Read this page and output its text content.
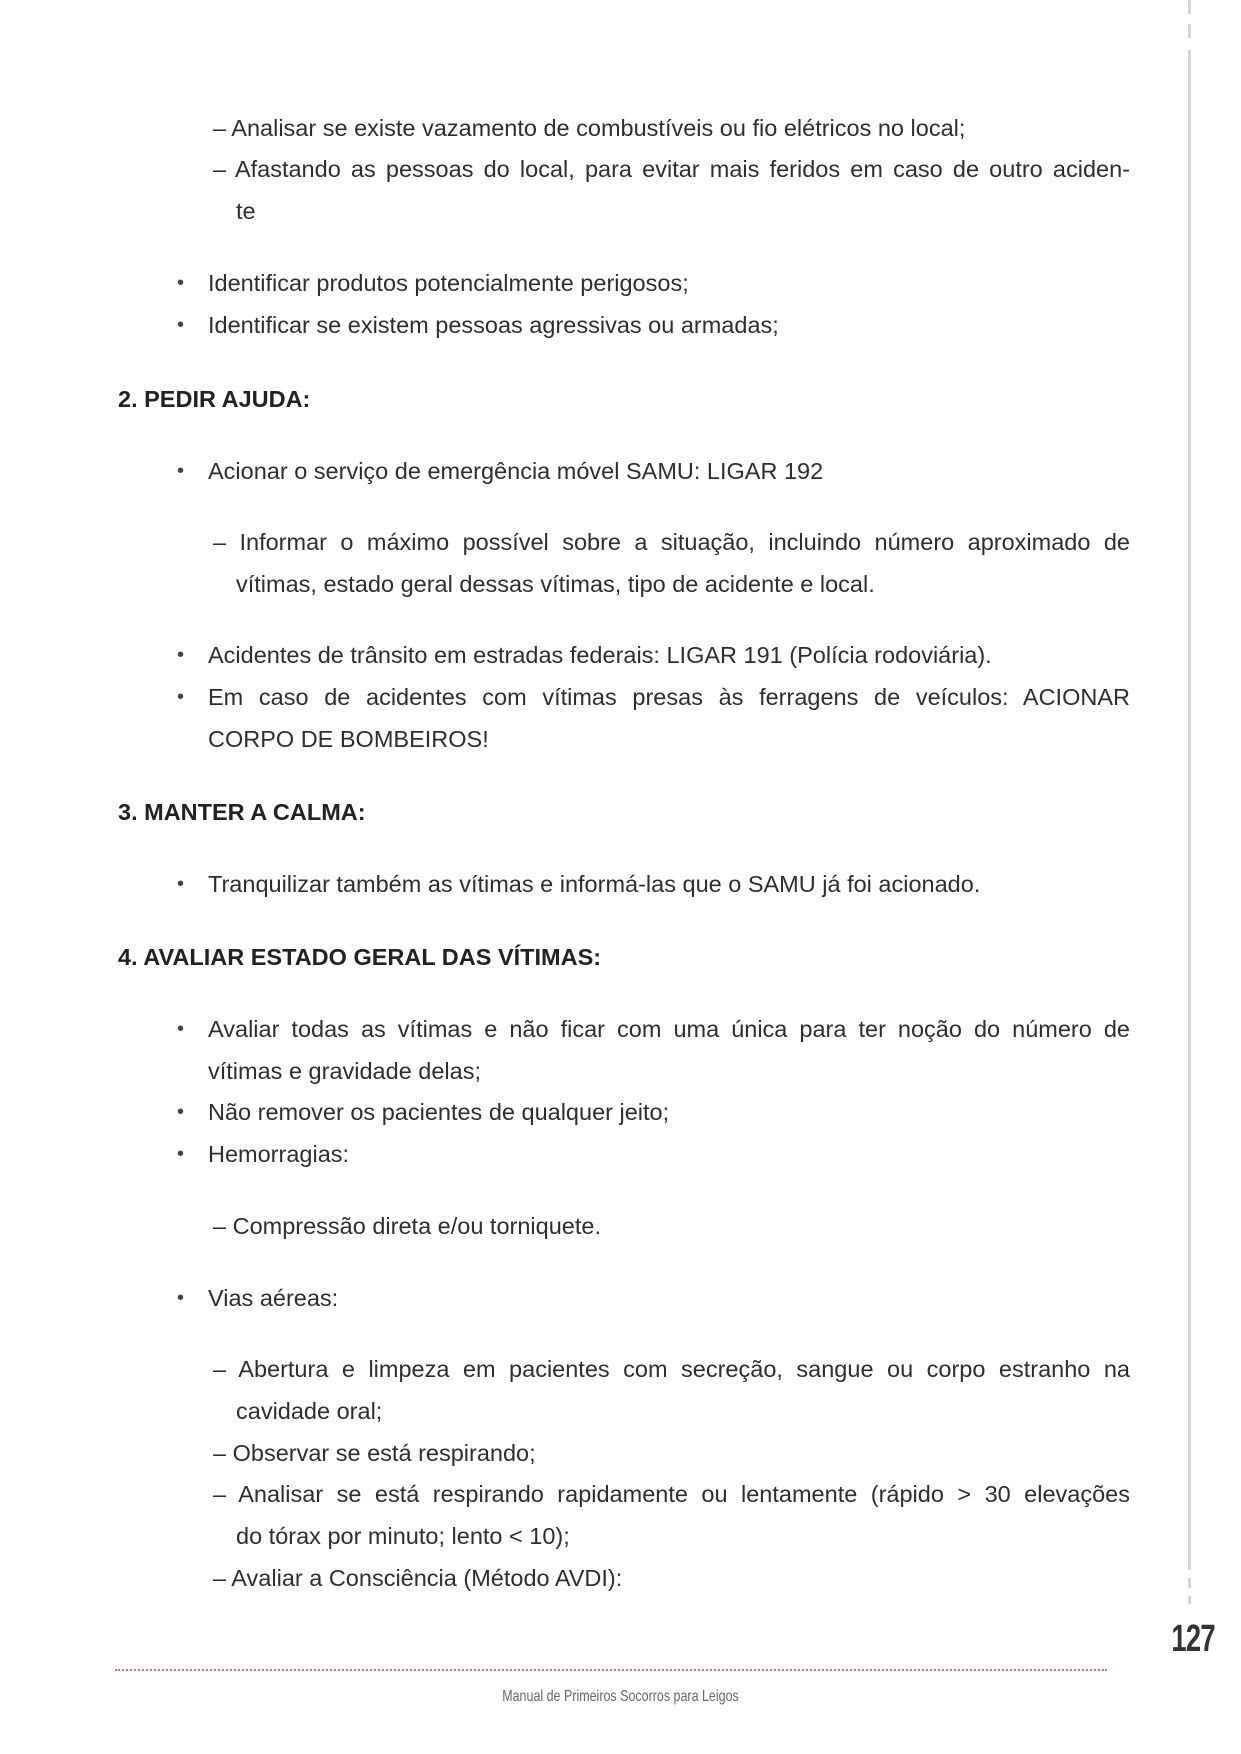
– Analisar se existe vazamento de combustíveis ou fio elétricos no local;
– Afastando as pessoas do local, para evitar mais feridos em caso de outro aciden-
te
• Identificar produtos potencialmente perigosos;
• Identificar se existem pessoas agressivas ou armadas;
2. PEDIR AJUDA:
• Acionar o serviço de emergência móvel SAMU: LIGAR 192
– Informar o máximo possível sobre a situação, incluindo número aproximado de
vítimas, estado geral dessas vítimas, tipo de acidente e local.
• Acidentes de trânsito em estradas federais: LIGAR 191 (Polícia rodoviária).
• Em caso de acidentes com vítimas presas às ferragens de veículos: ACIONAR
CORPO DE BOMBEIROS!
3. MANTER A CALMA:
• Tranquilizar também as vítimas e informá-las que o SAMU já foi acionado.
4. AVALIAR ESTADO GERAL DAS VÍTIMAS:
• Avaliar todas as vítimas e não ficar com uma única para ter noção do número de
vítimas e gravidade delas;
• Não remover os pacientes de qualquer jeito;
• Hemorragias:
– Compressão direta e/ou torniquete.
• Vias aéreas:
– Abertura e limpeza em pacientes com secreção, sangue ou corpo estranho na
cavidade oral;
– Observar se está respirando;
– Analisar se está respirando rapidamente ou lentamente (rápido > 30 elevações
do tórax por minuto; lento < 10);
– Avaliar a Consciência (Método AVDI):
127
Manual de Primeiros Socorros para Leigos
